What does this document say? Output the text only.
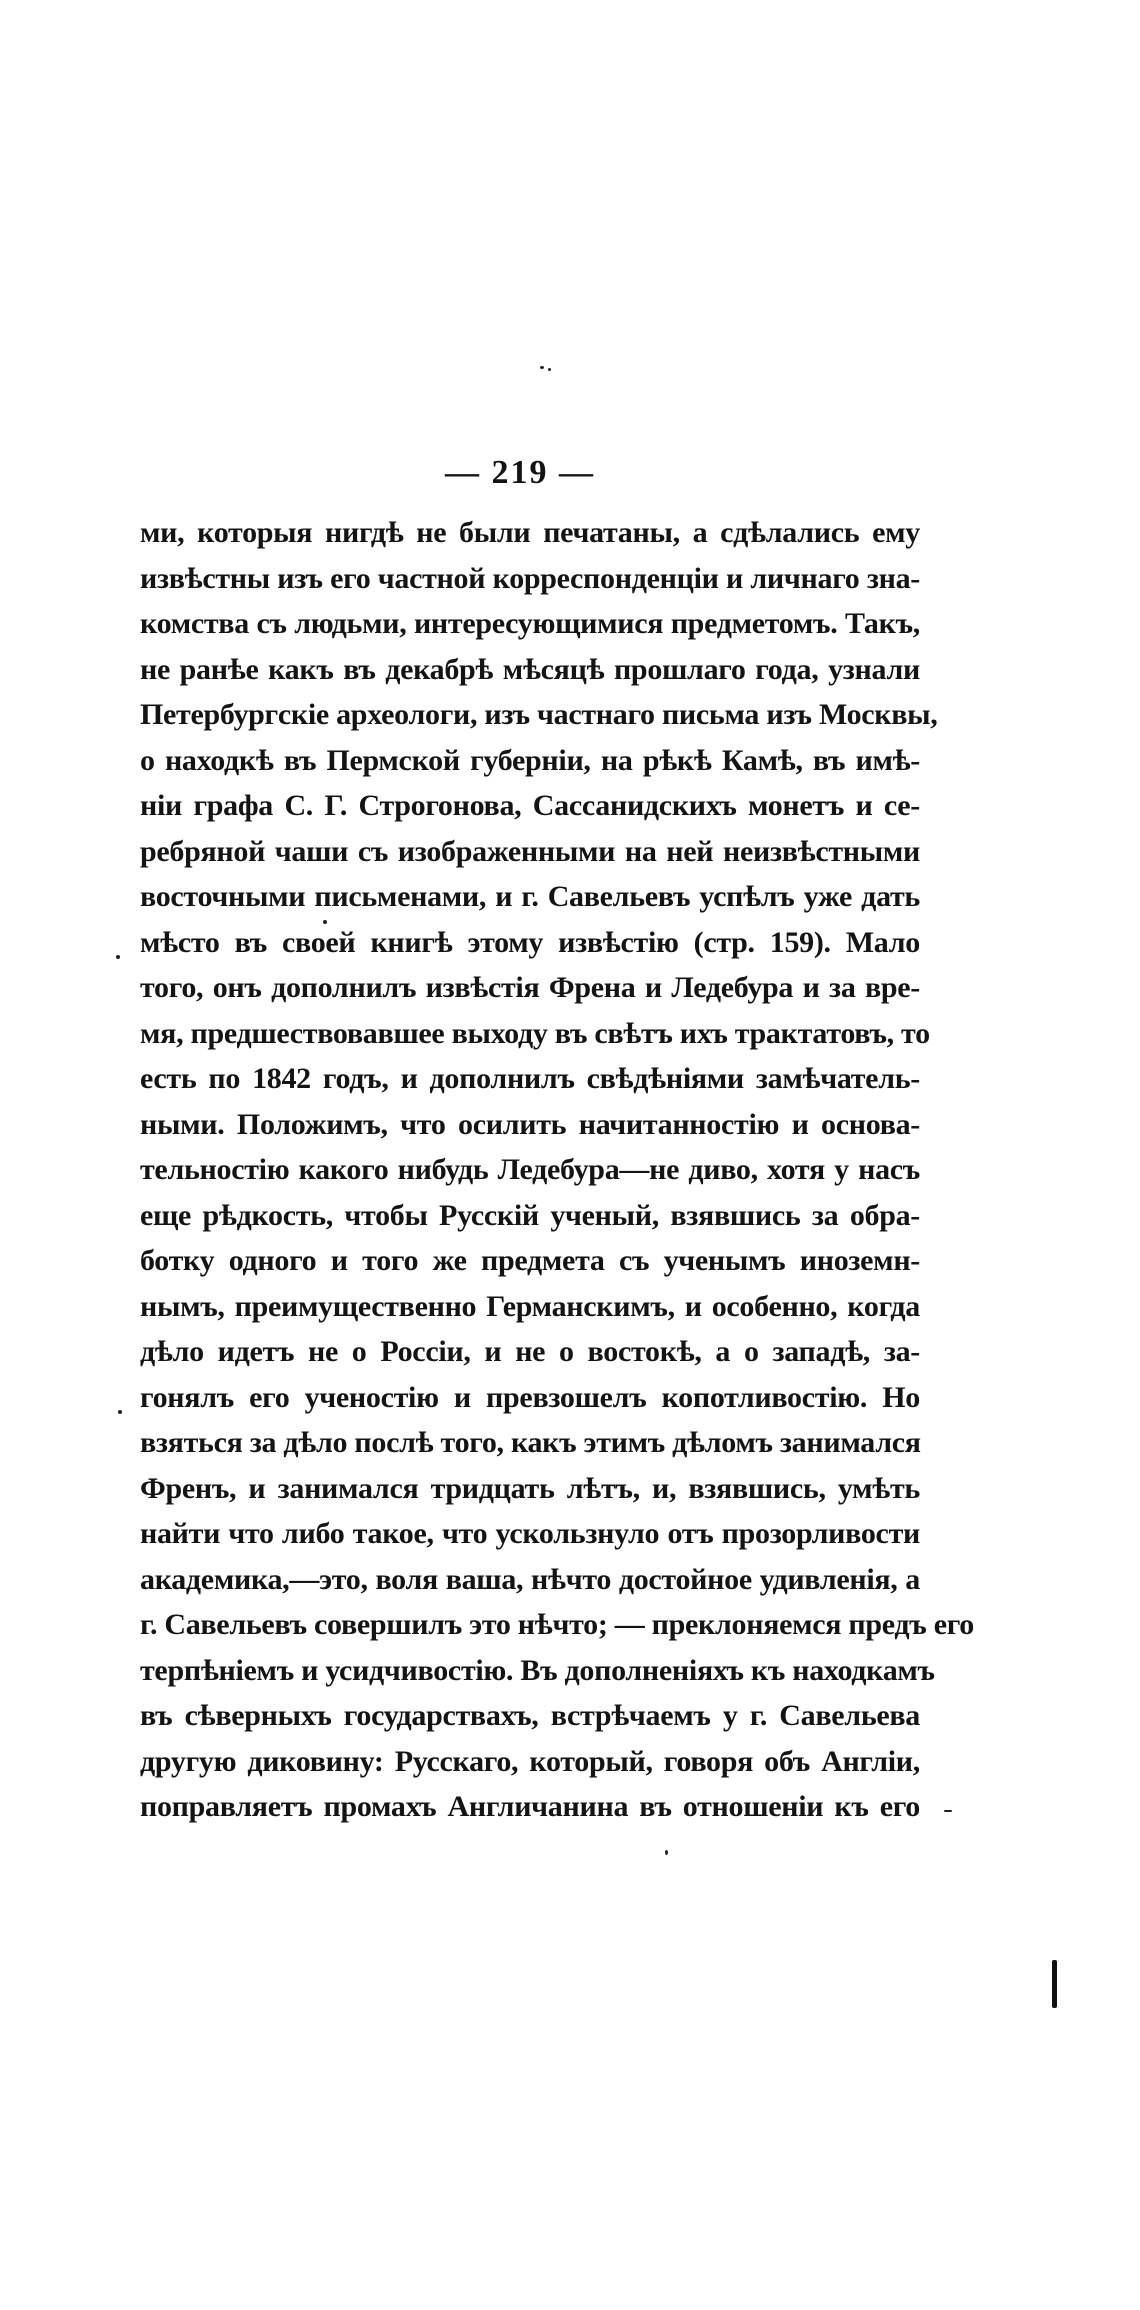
— 219 —
ми, которыя нигдѣ не были печатаны, а сдѣлались ему
извѣстны изъ его частной корреспонденціи и личнаго зна-
комства съ людьми, интересующимися предметомъ. Такъ,
не ранѣе какъ въ декабрѣ мѣсяцѣ прошлаго года, узнали
Петербургскіе археологи, изъ частнаго письма изъ Москвы,
о находкѣ въ Пермской губерніи, на рѣкѣ Камѣ, въ имѣ-
ніи графа С. Г. Строгонова, Сассанидскихъ монетъ и се-
ребряной чаши съ изображенными на ней неизвѣстными
восточными письменами, и г. Савельевъ успѣлъ уже дать
мѣсто въ своей книгѣ этому извѣстію (стр. 159). Мало
того, онъ дополнилъ извѣстія Френа и Ледебура и за вре-
мя, предшествовавшее выходу въ свѣтъ ихъ трактатовъ, то
есть по 1842 годъ, и дополнилъ свѣдѣніями замѣчатель-
ными. Положимъ, что осилить начитанностію и основа-
тельностію какого нибудь Ледебура—не диво, хотя у насъ
еще рѣдкость, чтобы Русскій ученый, взявшись за обра-
ботку одного и того же предмета съ ученымъ иноземн-
нымъ, преимущественно Германскимъ, и особенно, когда
дѣло идетъ не о Россіи, и не о востокѣ, а о западѣ, за-
гонялъ его ученостію и превзошелъ копотливостію. Но
взяться за дѣло послѣ того, какъ этимъ дѣломъ занимался
Френъ, и занимался тридцать лѣтъ, и, взявшись, умѣть
найти что либо такое, что ускользнуло отъ прозорливости
академика,—это, воля ваша, нѣчто достойное удивленія, а
г. Савельевъ совершилъ это нѣчто; — преклоняемся предъ его
терпѣніемъ и усидчивостію. Въ дополненіяхъ къ находкамъ
въ сѣверныхъ государствахъ, встрѣчаемъ у г. Савельева
другую диковину: Русскаго, который, говоря объ Англіи,
поправляетъ промахъ Англичанина въ отношеніи къ его
